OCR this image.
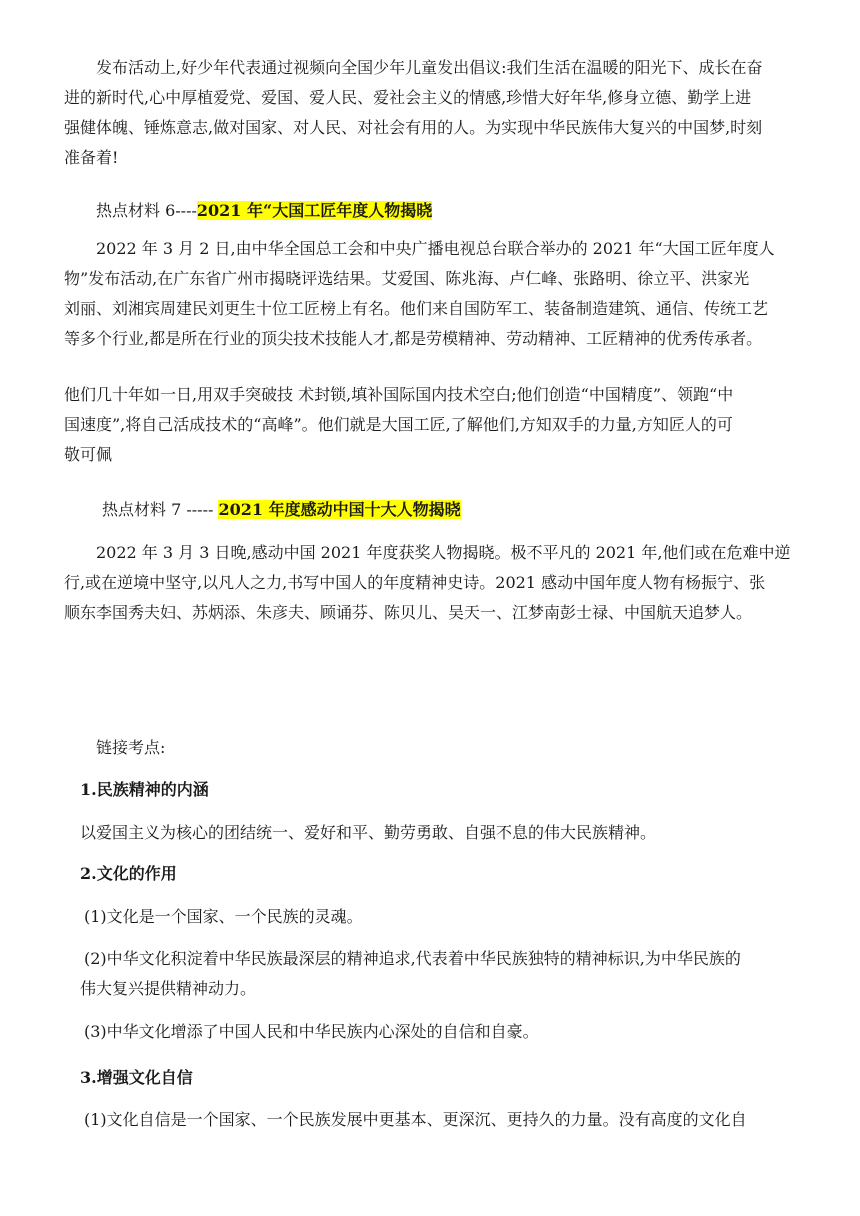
　发布活动上,好少年代表通过视频向全国少年儿童发出倡议:我们生活在温暖的阳光下、成长在奋
进的新时代,心中厚植爱党、爱国、爱人民、爱社会主义的情感,珍惜大好年华,修身立德、勤学上进
强健体魄、锤炼意志,做对国家、对人民、对社会有用的人。为实现中华民族伟大复兴的中国梦,时刻
准备着!
　热点材料 6----2021 年“大国工匠年度人物揭晓
　2022 年 3 月 2 日,由中华全国总工会和中央广播电视总台联合举办的 2021 年“大国工匠年度人
物”发布活动,在广东省广州市揭晓评选结果。艾爱国、陈兆海、卢仁峰、张路明、徐立平、洪家光
刘丽、刘湘宾周建民刘更生十位工匠榜上有名。他们来自国防军工、装备制造建筑、通信、传统工艺
等多个行业,都是所在行业的顶尖技术技能人才,都是劳模精神、劳动精神、工匠精神的优秀传承者。
他们几十年如一日,用双手突破技 术封锁,填补国际国内技术空白;他们创造“中国精度”、领跑“中
国速度”,将自己活成技术的“高峰”。他们就是大国工匠,了解他们,方知双手的力量,方知匠人的可
敬可佩
　热点材料 7 ----- 2021 年度感动中国十大人物揭晓
　2022 年 3 月 3 日晚,感动中国 2021 年度获奖人物揭晓。极不平凡的 2021 年,他们或在危难中逆
行,或在逆境中坚守,以凡人之力,书写中国人的年度精神史诗。2021 感动中国年度人物有杨振宁、张
顺东李国秀夫妇、苏炳添、朱彦夫、顾诵芬、陈贝儿、吴天一、江梦南彭士禄、中国航天追梦人。
　链接考点:
1.民族精神的内涵
以爱国主义为核心的团结统一、爱好和平、勤劳勇敢、自强不息的伟大民族精神。
2.文化的作用
(1)文化是一个国家、一个民族的灵魂。
(2)中华文化积淀着中华民族最深层的精神追求,代表着中华民族独特的精神标识,为中华民族的
伟大复兴提供精神动力。
(3)中华文化增添了中国人民和中华民族内心深处的自信和自豪。
3.增强文化自信
(1)文化自信是一个国家、一个民族发展中更基本、更深沉、更持久的力量。没有高度的文化自
